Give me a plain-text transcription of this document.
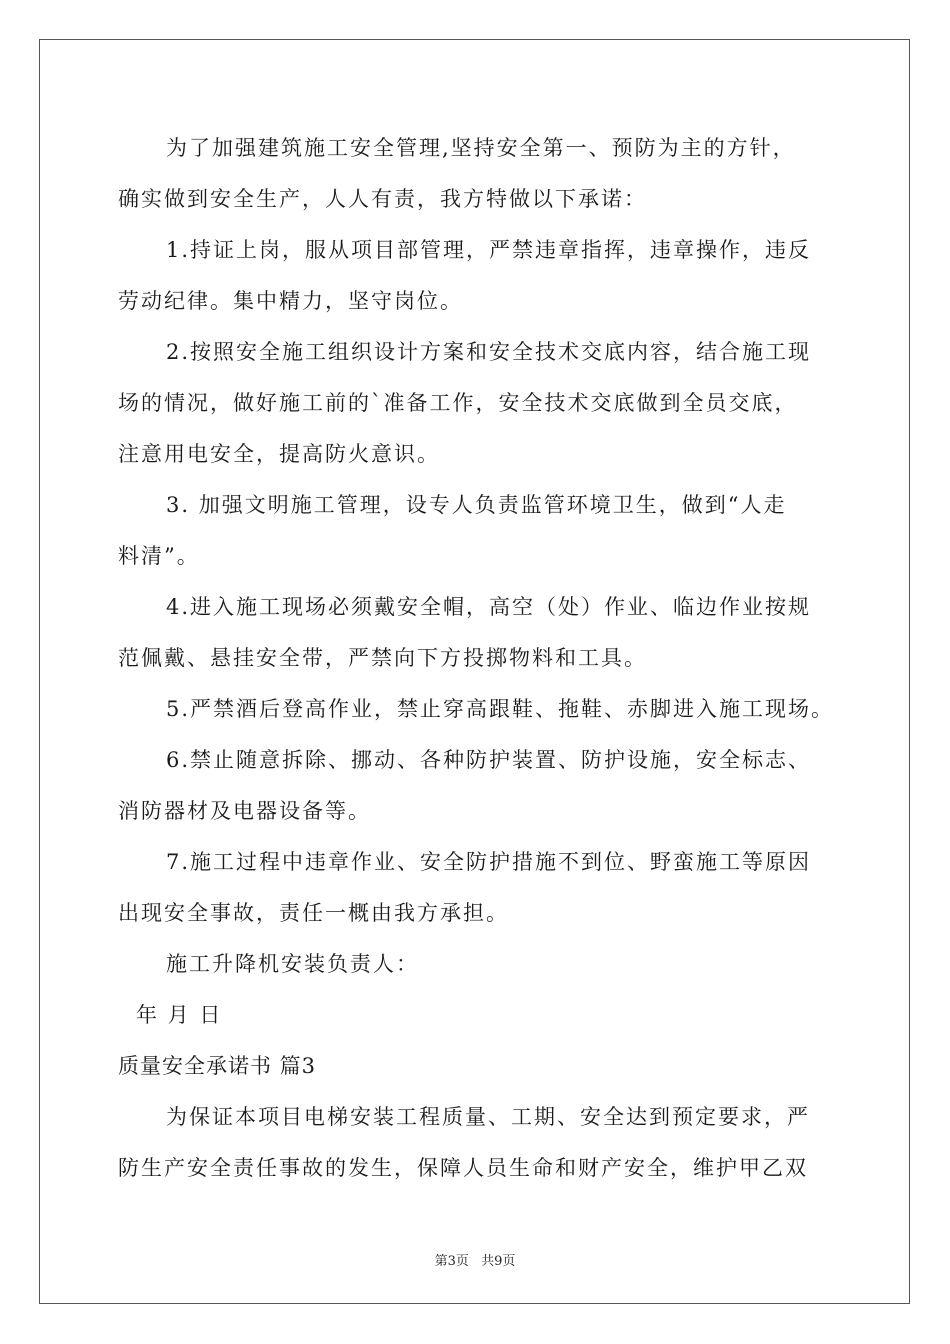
为了加强建筑施工安全管理,坚持安全第一、预防为主的方针，
确实做到安全生产，人人有责，我方特做以下承诺：
1.持证上岗，服从项目部管理，严禁违章指挥，违章操作，违反
劳动纪律。集中精力，坚守岗位。
2.按照安全施工组织设计方案和安全技术交底内容，结合施工现
场的情况，做好施工前的`准备工作，安全技术交底做到全员交底，
注意用电安全，提高防火意识。
3. 加强文明施工管理，设专人负责监管环境卫生，做到“人走
料清”。
4.进入施工现场必须戴安全帽，高空（处）作业、临边作业按规
范佩戴、悬挂安全带，严禁向下方投掷物料和工具。
5.严禁酒后登高作业，禁止穿高跟鞋、拖鞋、赤脚进入施工现场。
6.禁止随意拆除、挪动、各种防护装置、防护设施，安全标志、
消防器材及电器设备等。
7.施工过程中违章作业、安全防护措施不到位、野蛮施工等原因
出现安全事故，责任一概由我方承担。
施工升降机安装负责人：
年 月 日
质量安全承诺书 篇3
为保证本项目电梯安装工程质量、工期、安全达到预定要求，严
防生产安全责任事故的发生，保障人员生命和财产安全，维护甲乙双
第3页 共9页
